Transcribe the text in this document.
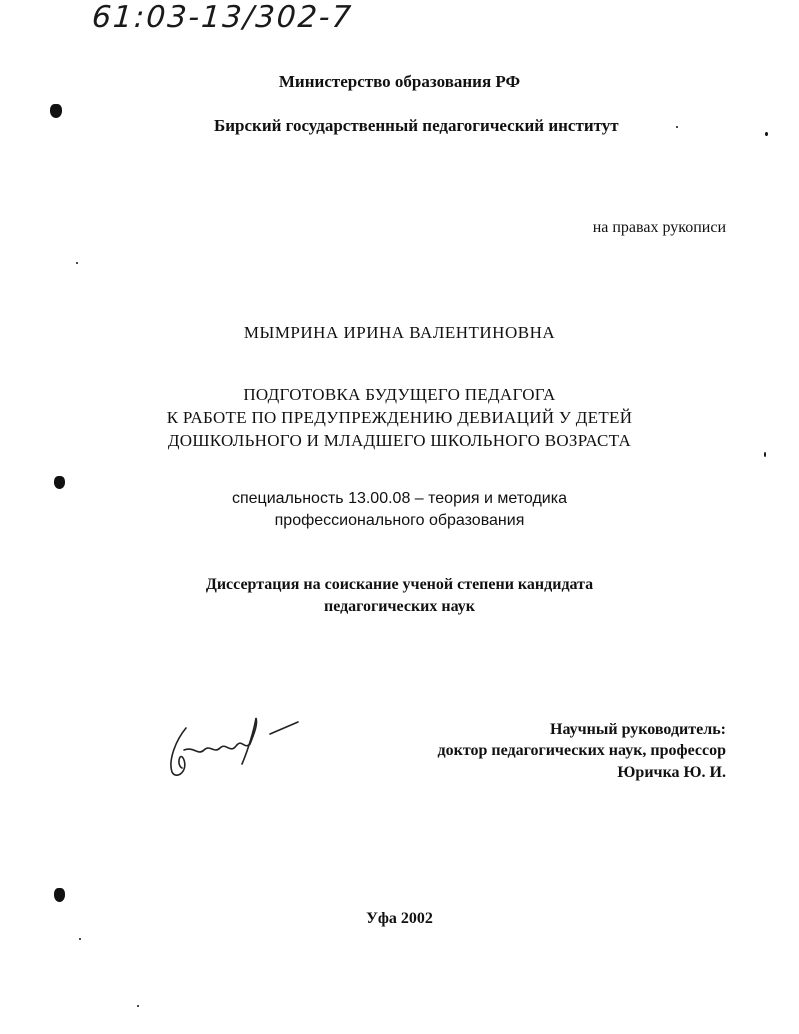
61:03-13/302-7
Министерство образования РФ
Бирский государственный педагогический институт
на правах рукописи
МЫМРИНА ИРИНА ВАЛЕНТИНОВНА
ПОДГОТОВКА БУДУЩЕГО ПЕДАГОГА
К РАБОТЕ ПО ПРЕДУПРЕЖДЕНИЮ ДЕВИАЦИЙ У ДЕТЕЙ
ДОШКОЛЬНОГО И МЛАДШЕГО ШКОЛЬНОГО ВОЗРАСТА
специальность 13.00.08 – теория и методика
профессионального образования
Диссертация на соискание ученой степени кандидата
педагогических наук
Научный руководитель:
доктор педагогических наук, профессор
Юричка Ю. И.
Уфа 2002
